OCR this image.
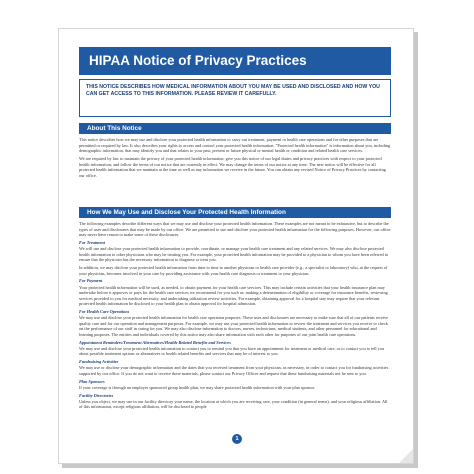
HIPAA Notice of Privacy Practices
THIS NOTICE DESCRIBES HOW MEDICAL INFORMATION ABOUT YOU MAY BE USED AND DISCLOSED AND HOW YOU CAN GET ACCESS TO THIS INFORMATION. PLEASE REVIEW IT CAREFULLY.
About This Notice

This notice describes how we may use and disclose your protected health information to carry out treatment, payment or health care operations and for other purposes that are permitted or required by law. It also describes your rights to access and control your protected health information. "Protected health information" is information about you, including demographic information, that may identify you and that relates to your past, present or future physical or mental health or condition and related health care services.

We are required by law to maintain the privacy of your protected health information; give you this notice of our legal duties and privacy practices with respect to your protected health information; and follow the terms of our notice that are currently in effect. We may change the terms of our notice at any time. The new notice will be effective for all protected health information that we maintain at the time as well as any information we receive in the future. You can obtain any revised Notice of Privacy Practices by contacting our office.

How We May Use and Disclose Your Protected Health Information

The following examples describe different ways that we may use and disclose your protected health information. These examples are not meant to be exhaustive, but to describe the types of uses and disclosures that may be made by our office. We are permitted to use and disclose your protected health information for the following purposes. However, our office may never have reason to make some of these disclosures.

For Treatment

We will use and disclose your protected health information to provide, coordinate, or manage your health care treatment and any related services. We may also disclose protected health information to other physicians who may be treating you. For example, your protected health information may be provided to a physician to whom you have been referred to ensure that the physician has the necessary information to diagnose or treat you.

In addition, we may disclose your protected health information from time to time to another physician or health care provider (e.g., a specialist or laboratory) who, at the request of your physician, becomes involved in your care by providing assistance with your health care diagnosis or treatment to your physician.

For Payment

Your protected health information will be used, as needed, to obtain payment for your health care services. This may include certain activities that your health insurance plan may undertake before it approves or pays for the health care services we recommend for you such as: making a determination of eligibility or coverage for insurance benefits, reviewing services provided to you for medical necessity, and undertaking utilization review activities. For example, obtaining approval for a hospital stay may require that your relevant protected health information be disclosed to your health plan to obtain approval for hospital admission.

For Health Care Operations

We may use and disclose your protected health information for health care operation purposes. These uses and disclosures are necessary to make sure that all of our patients receive quality care and for our operation and management purposes. For example, we may use your protected health information to review the treatment and services you receive to check on the performance of our staff in caring for you. We may also disclose information to doctors, nurses, technicians, medical students, and other personnel for educational and learning purposes. The entities and individuals covered by this notice may also share information with each other for purposes of our joint health care operations.

Appointment Reminders/Treatment Alternatives/Health-Related Benefits and Services

We may use and disclose your protected health information to contact you to remind you that you have an appointment for treatment or medical care, or to contact you to tell you about possible treatment options or alternatives or health related benefits and services that may be of interest to you.

Fundraising Activities

We may use or disclose your demographic information and the dates that you received treatment from your physician, as necessary, in order to contact you for fundraising activities supported by our office. If you do not want to receive these materials, please contact our Privacy Officer and request that these fundraising materials not be sent to you.

Plan Sponsors

If your coverage is through an employer sponsored group health plan, we may share protected health information with your plan sponsor.

Facility Directories

Unless you object, we may use in our facility directory your name, the location at which you are receiving care, your condition (in general terms), and your religious affiliation. All of this information, except religious affiliation, will be disclosed to people

1
